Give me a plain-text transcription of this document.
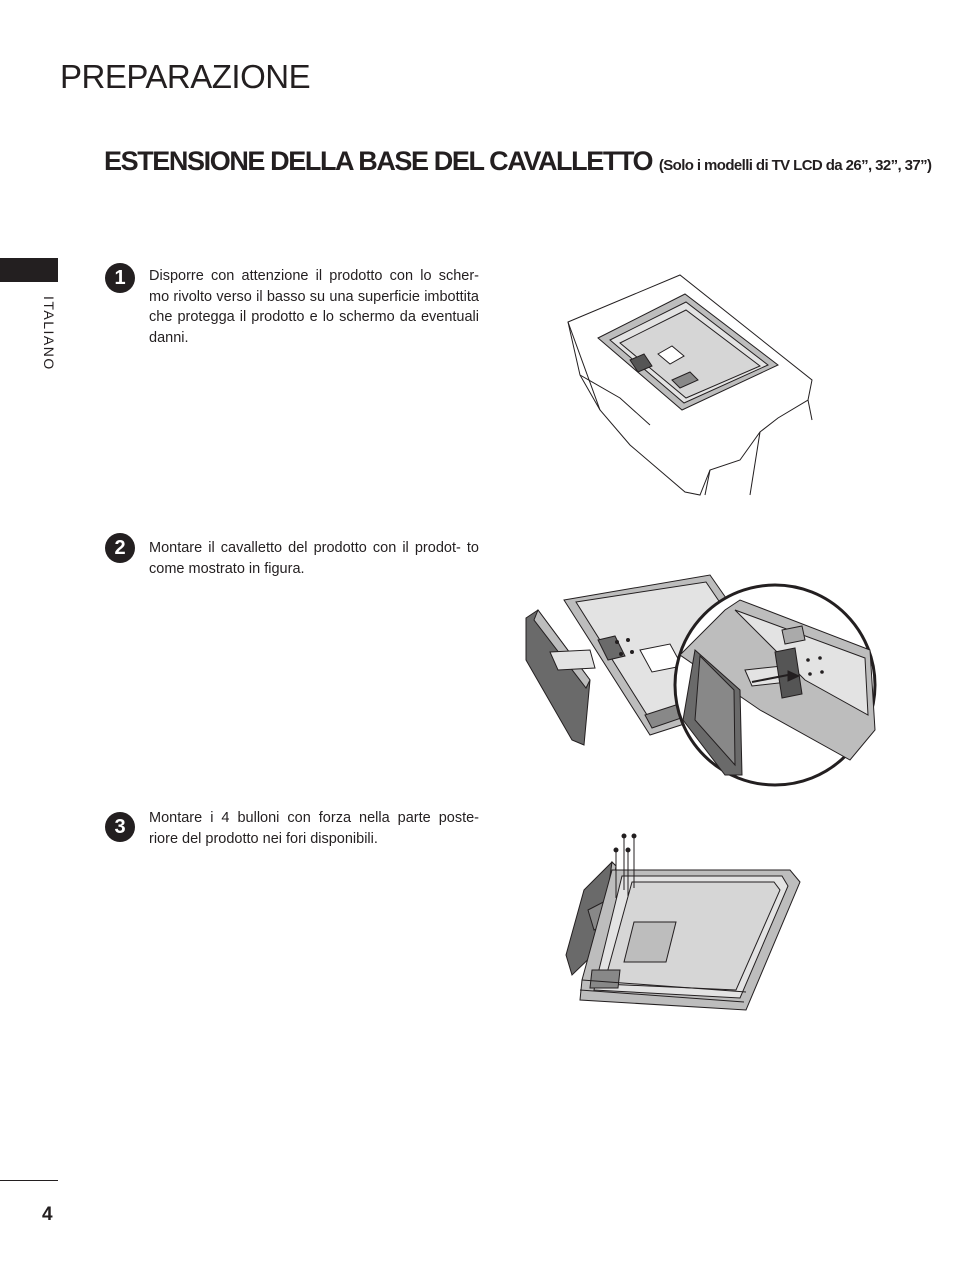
PREPARAZIONE
ESTENSIONE DELLA BASE DEL CAVALLETTO (Solo i modelli di TV LCD da 26”, 32”, 37”)
ITALIANO
1	Disporre con attenzione il prodotto con lo scher- mo rivolto verso il basso su una superficie imbottita che protegga il prodotto e lo schermo da eventuali danni.
2	Montare il cavalletto del prodotto con il prodot- to come mostrato in figura.
3	Montare i 4 bulloni con forza nella parte poste- riore del prodotto nei fori disponibili.
4
